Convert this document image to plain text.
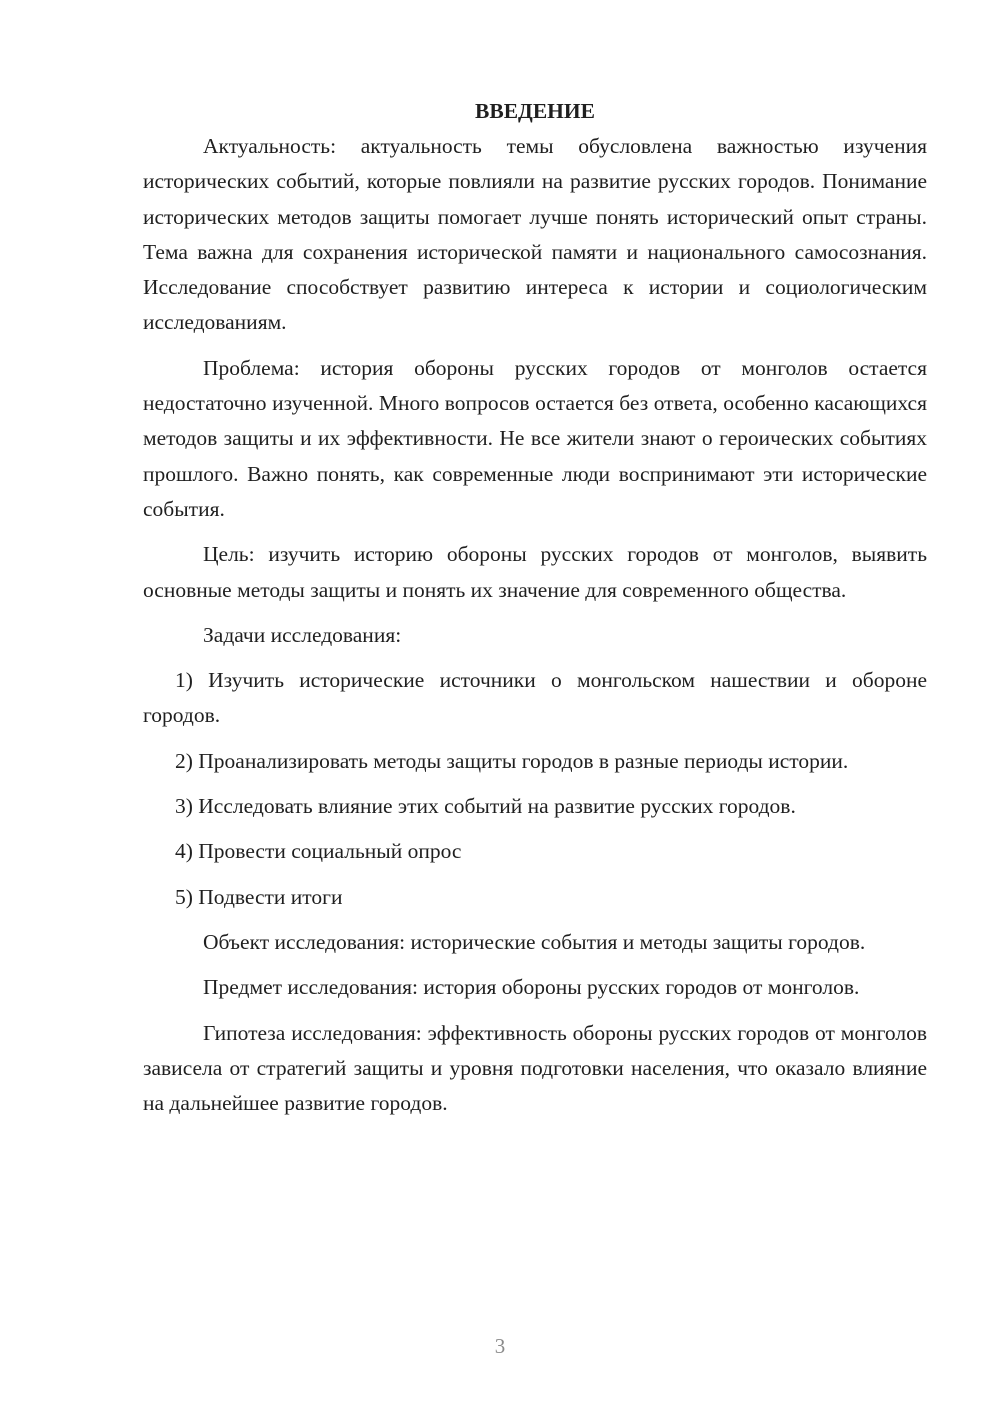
ВВЕДЕНИЕ

Актуальность: актуальность темы обусловлена важностью изучения исторических событий, которые повлияли на развитие русских городов. Понимание исторических методов защиты помогает лучше понять исторический опыт страны. Тема важна для сохранения исторической памяти и национального самосознания. Исследование способствует развитию интереса к истории и социологическим исследованиям.

Проблема: история обороны русских городов от монголов остается недостаточно изученной. Много вопросов остается без ответа, особенно касающихся методов защиты и их эффективности. Не все жители знают о героических событиях прошлого. Важно понять, как современные люди воспринимают эти исторические события.

Цель: изучить историю обороны русских городов от монголов, выявить основные методы защиты и понять их значение для современного общества.

Задачи исследования:

1) Изучить исторические источники о монгольском нашествии и обороне городов.

2) Проанализировать методы защиты городов в разные периоды истории.

3) Исследовать влияние этих событий на развитие русских городов.

4) Провести социальный опрос

5) Подвести итоги

Объект исследования: исторические события и методы защиты городов.

Предмет исследования: история обороны русских городов от монголов.

Гипотеза исследования: эффективность обороны русских городов от монголов зависела от стратегий защиты и уровня подготовки населения, что оказало влияние на дальнейшее развитие городов.

3
